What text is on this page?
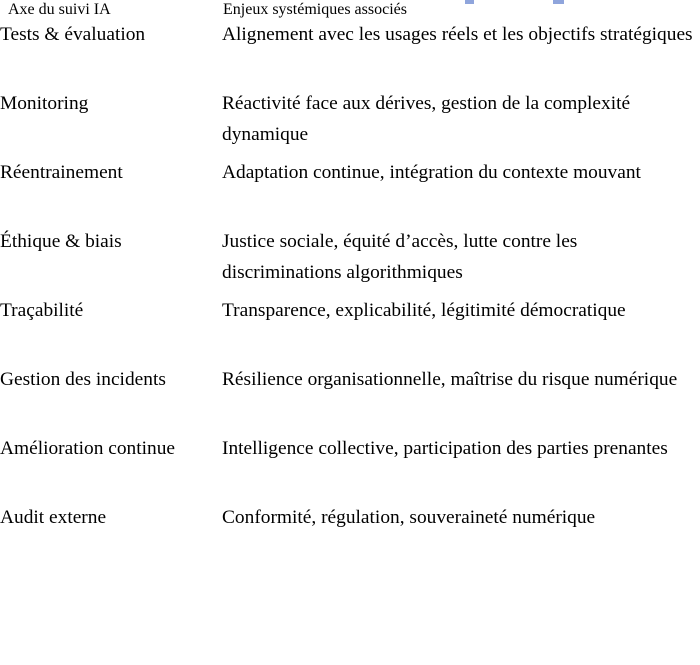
Axe du suivi IA	Enjeux systémiques associés
Tests & évaluation	Alignement avec les usages réels et les objectifs stratégiques
Monitoring	Réactivité face aux dérives, gestion de la complexité dynamique
Réentrainement	Adaptation continue, intégration du contexte mouvant
Éthique & biais	Justice sociale, équité d’accès, lutte contre les discriminations algorithmiques
Traçabilité	Transparence, explicabilité, légitimité démocratique
Gestion des incidents	Résilience organisationnelle, maîtrise du risque numérique
Amélioration continue	Intelligence collective, participation des parties prenantes
Audit externe	Conformité, régulation, souveraineté numérique
